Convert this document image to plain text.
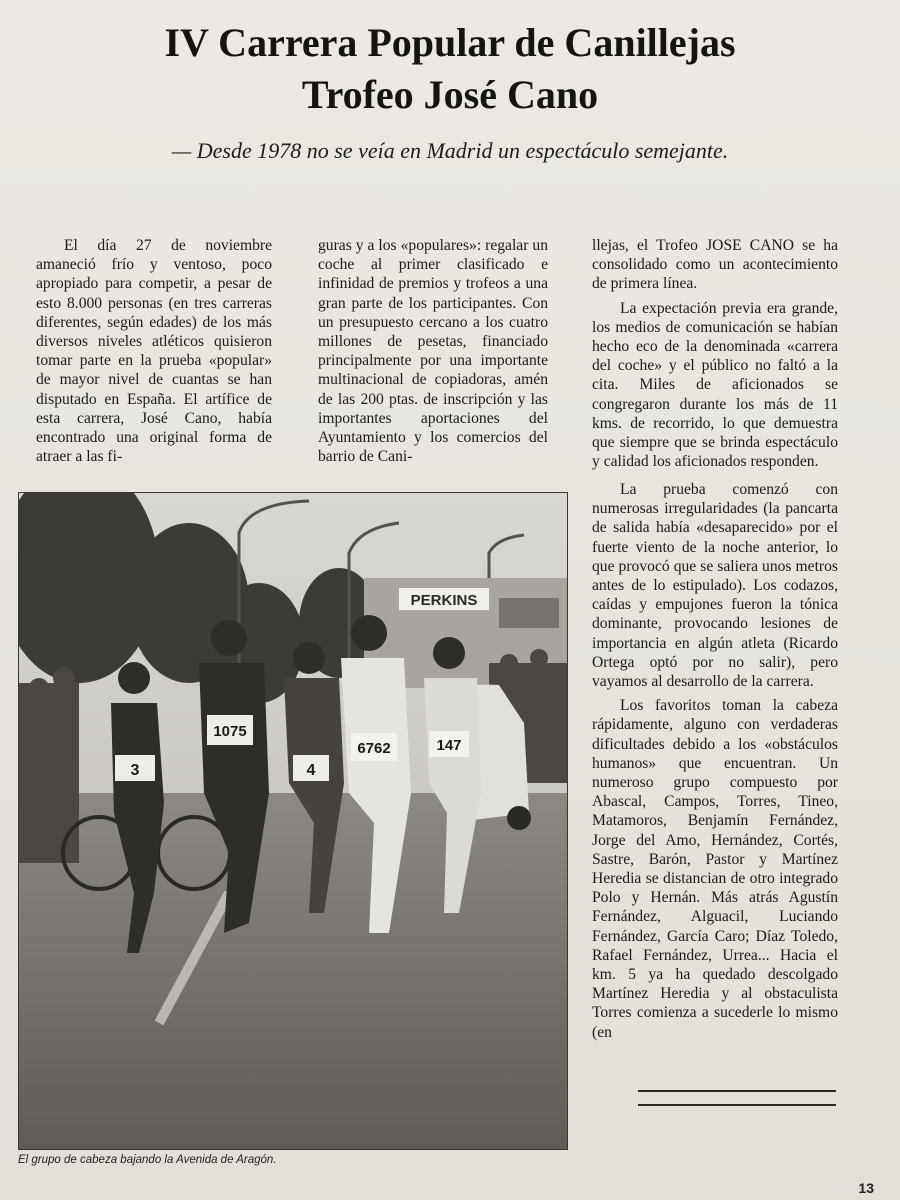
IV Carrera Popular de Canillejas
Trofeo José Cano
— Desde 1978 no se veía en Madrid un espectáculo semejante.

El día 27 de noviembre amaneció frío y ventoso, poco apropiado para competir, a pesar de esto 8.000 personas (en tres carreras diferentes, según edades) de los más diversos niveles atléticos quisieron tomar parte en la prueba «popular» de mayor nivel de cuantas se han disputado en España. El artífice de esta carrera, José Cano, había encontrado una original forma de atraer a las fi-

guras y a los «populares»: regalar un coche al primer clasificado e infinidad de premios y trofeos a una gran parte de los participantes. Con un presupuesto cercano a los cuatro millones de pesetas, financiado principalmente por una importante multinacional de copiadoras, amén de las 200 ptas. de inscripción y las importantes aportaciones del Ayuntamiento y los comercios del barrio de Cani-

llejas, el Trofeo JOSE CANO se ha consolidado como un acontecimiento de primera línea.

La expectación previa era grande, los medios de comunicación se habían hecho eco de la denominada «carrera del coche» y el público no faltó a la cita. Miles de aficionados se congregaron durante los más de 11 kms. de recorrido, lo que demuestra que siempre que se brinda espectáculo y calidad los aficionados responden.

La prueba comenzó con numerosas irregularidades (la pancarta de salida había «desaparecido» por el fuerte viento de la noche anterior, lo que provocó que se saliera unos metros antes de lo estipulado). Los codazos, caídas y empujones fueron la tónica dominante, provocando lesiones de importancia en algún atleta (Ricardo Ortega optó por no salir), pero vayamos al desarrollo de la carrera.

Los favoritos toman la cabeza rápidamente, alguno con verdaderas dificultades debido a los «obstáculos humanos» que encuentran. Un numeroso grupo compuesto por Abascal, Campos, Torres, Tineo, Matamoros, Benjamín Fernández, Jorge del Amo, Hernández, Cortés, Sastre, Barón, Pastor y Martínez Heredia se distancian de otro integrado Polo y Hernán. Más atrás Agustín Fernández, Alguacil, Luciando Fernández, García Caro; Díaz Toledo, Rafael Fernández, Urrea... Hacia el km. 5 ya ha quedado descolgado Martínez Heredia y al obstaculista Torres comienza a sucederle lo mismo (en

PERKINS
3
1075
4
6762	147
El grupo de cabeza bajando la Avenida de Aragón.
13
